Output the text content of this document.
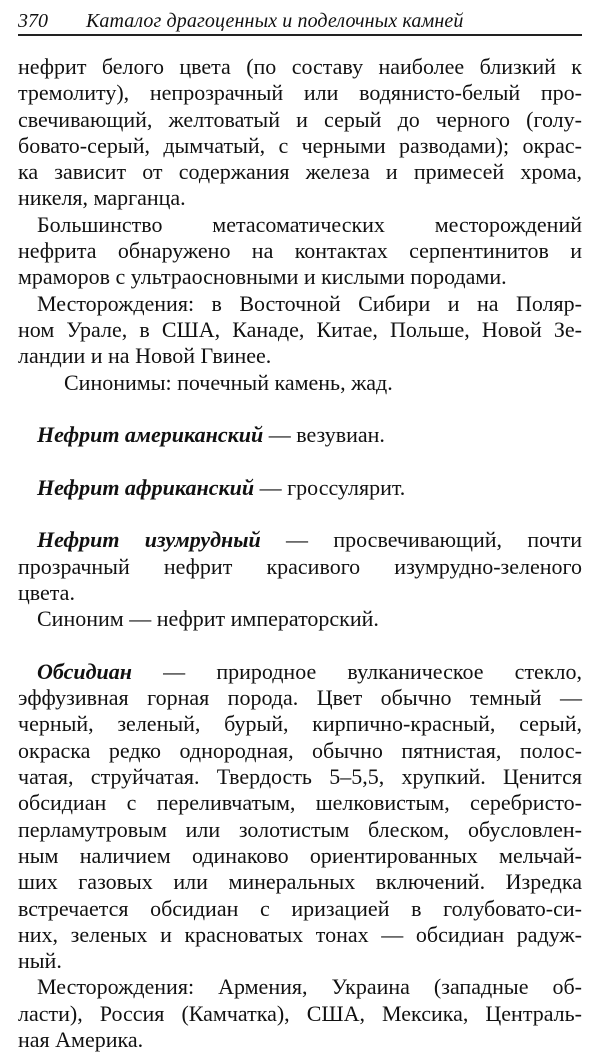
370 Каталог драгоценных и поделочных камней
нефрит белого цвета (по составу наиболее близкий к
тремолиту), непрозрачный или водянисто-белый про-
свечивающий, желтоватый и серый до черного (голу-
бовато-серый, дымчатый, с черными разводами); окрас-
ка зависит от содержания железа и примесей хрома,
никеля, марганца.
Большинство метасоматических месторождений
нефрита обнаружено на контактах серпентинитов и
мраморов с ультраосновными и кислыми породами.
Месторождения: в Восточной Сибири и на Поляр-
ном Урале, в США, Канаде, Китае, Польше, Новой Зе-
ландии и на Новой Гвинее.
Синонимы: почечный камень, жад.
Нефрит американский — везувиан.
Нефрит африканский — гроссулярит.
Нефрит изумрудный — просвечивающий, почти
прозрачный нефрит красивого изумрудно-зеленого
цвета.
Синоним — нефрит императорский.
Обсидиан — природное вулканическое стекло,
эффузивная горная порода. Цвет обычно темный —
черный, зеленый, бурый, кирпично-красный, серый,
окраска редко однородная, обычно пятнистая, полос-
чатая, струйчатая. Твердость 5–5,5, хрупкий. Ценится
обсидиан с переливчатым, шелковистым, серебристо-
перламутровым или золотистым блеском, обусловлен-
ным наличием одинаково ориентированных мельчай-
ших газовых или минеральных включений. Изредка
встречается обсидиан с иризацией в голубовато-си-
них, зеленых и красноватых тонах — обсидиан радуж-
ный.
Месторождения: Армения, Украина (западные об-
ласти), Россия (Камчатка), США, Мексика, Централь-
ная Америка.
